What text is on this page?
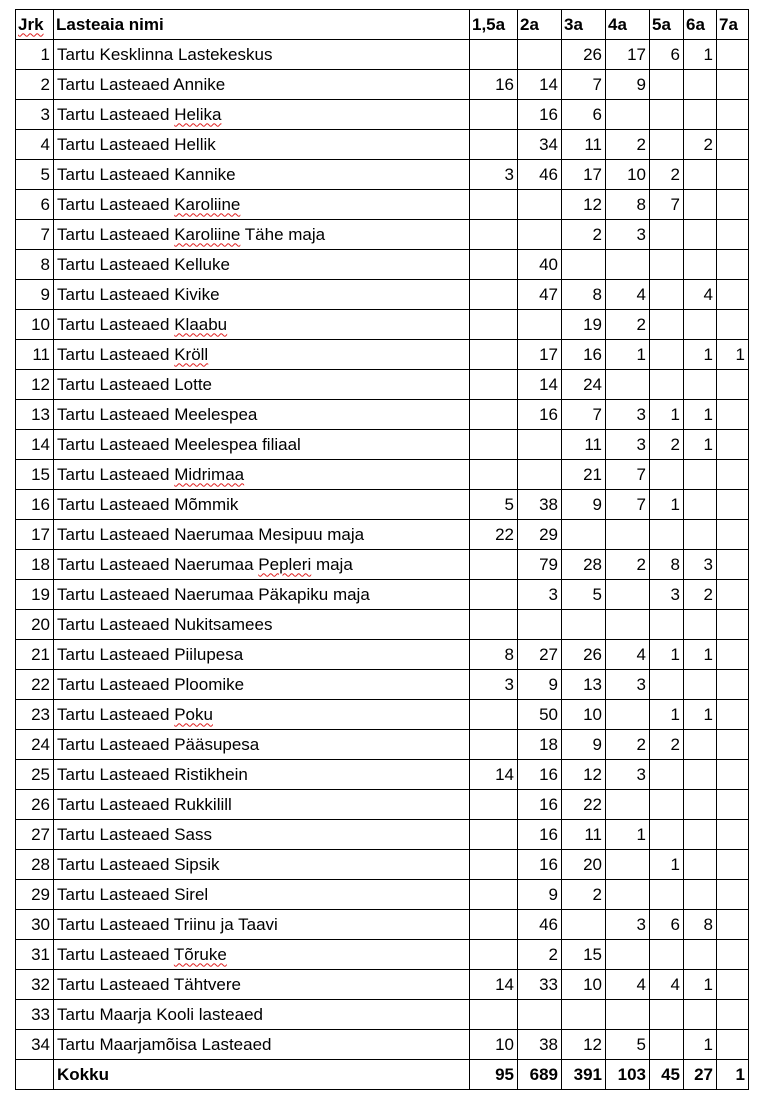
Jrk	Lasteaia nimi	1,5a	2a	3a	4a	5a	6a	7a
1	Tartu Kesklinna Lastekeskus			26	17	6	1	
2	Tartu Lasteaed Annike	16	14	7	9			
3	Tartu Lasteaed Helika		16	6				
4	Tartu Lasteaed Hellik		34	11	2		2	
5	Tartu Lasteaed Kannike	3	46	17	10	2		
6	Tartu Lasteaed Karoliine			12	8	7		
7	Tartu Lasteaed Karoliine Tähe maja			2	3			
8	Tartu Lasteaed Kelluke		40					
9	Tartu Lasteaed Kivike		47	8	4		4	
10	Tartu Lasteaed Klaabu			19	2			
11	Tartu Lasteaed Kröll		17	16	1		1	1
12	Tartu Lasteaed Lotte		14	24				
13	Tartu Lasteaed Meelespea		16	7	3	1	1	
14	Tartu Lasteaed Meelespea filiaal			11	3	2	1	
15	Tartu Lasteaed Midrimaa			21	7			
16	Tartu Lasteaed Mõmmik	5	38	9	7	1		
17	Tartu Lasteaed Naerumaa Mesipuu maja	22	29					
18	Tartu Lasteaed Naerumaa Pepleri maja		79	28	2	8	3	
19	Tartu Lasteaed Naerumaa Päkapiku maja		3	5		3	2	
20	Tartu Lasteaed Nukitsamees							
21	Tartu Lasteaed Piilupesa	8	27	26	4	1	1	
22	Tartu Lasteaed Ploomike	3	9	13	3			
23	Tartu Lasteaed Poku		50	10		1	1	
24	Tartu Lasteaed Pääsupesa		18	9	2	2		
25	Tartu Lasteaed Ristikhein	14	16	12	3			
26	Tartu Lasteaed Rukkilill		16	22				
27	Tartu Lasteaed Sass		16	11	1			
28	Tartu Lasteaed Sipsik		16	20		1		
29	Tartu Lasteaed Sirel		9	2				
30	Tartu Lasteaed Triinu ja Taavi		46		3	6	8	
31	Tartu Lasteaed Tõruke		2	15				
32	Tartu Lasteaed Tähtvere	14	33	10	4	4	1	
33	Tartu Maarja Kooli lasteaed							
34	Tartu Maarjamõisa Lasteaed	10	38	12	5		1	
	Kokku	95	689	391	103	45	27	1
